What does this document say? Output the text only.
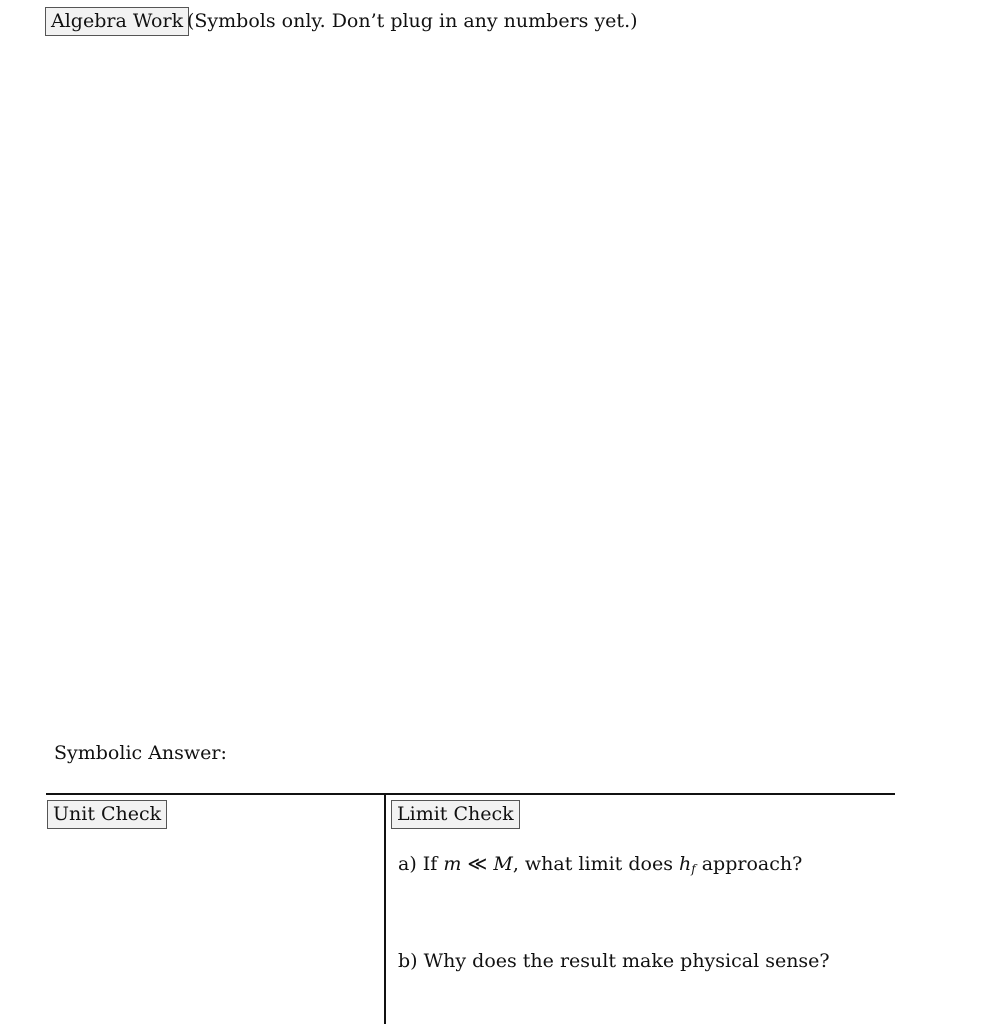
Algebra Work (Symbols only. Don’t plug in any numbers yet.)
Symbolic Answer:
Unit Check	Limit Check
a) If m ≪ M, what limit does $h_f$ approach?
b) Why does the result make physical sense?
